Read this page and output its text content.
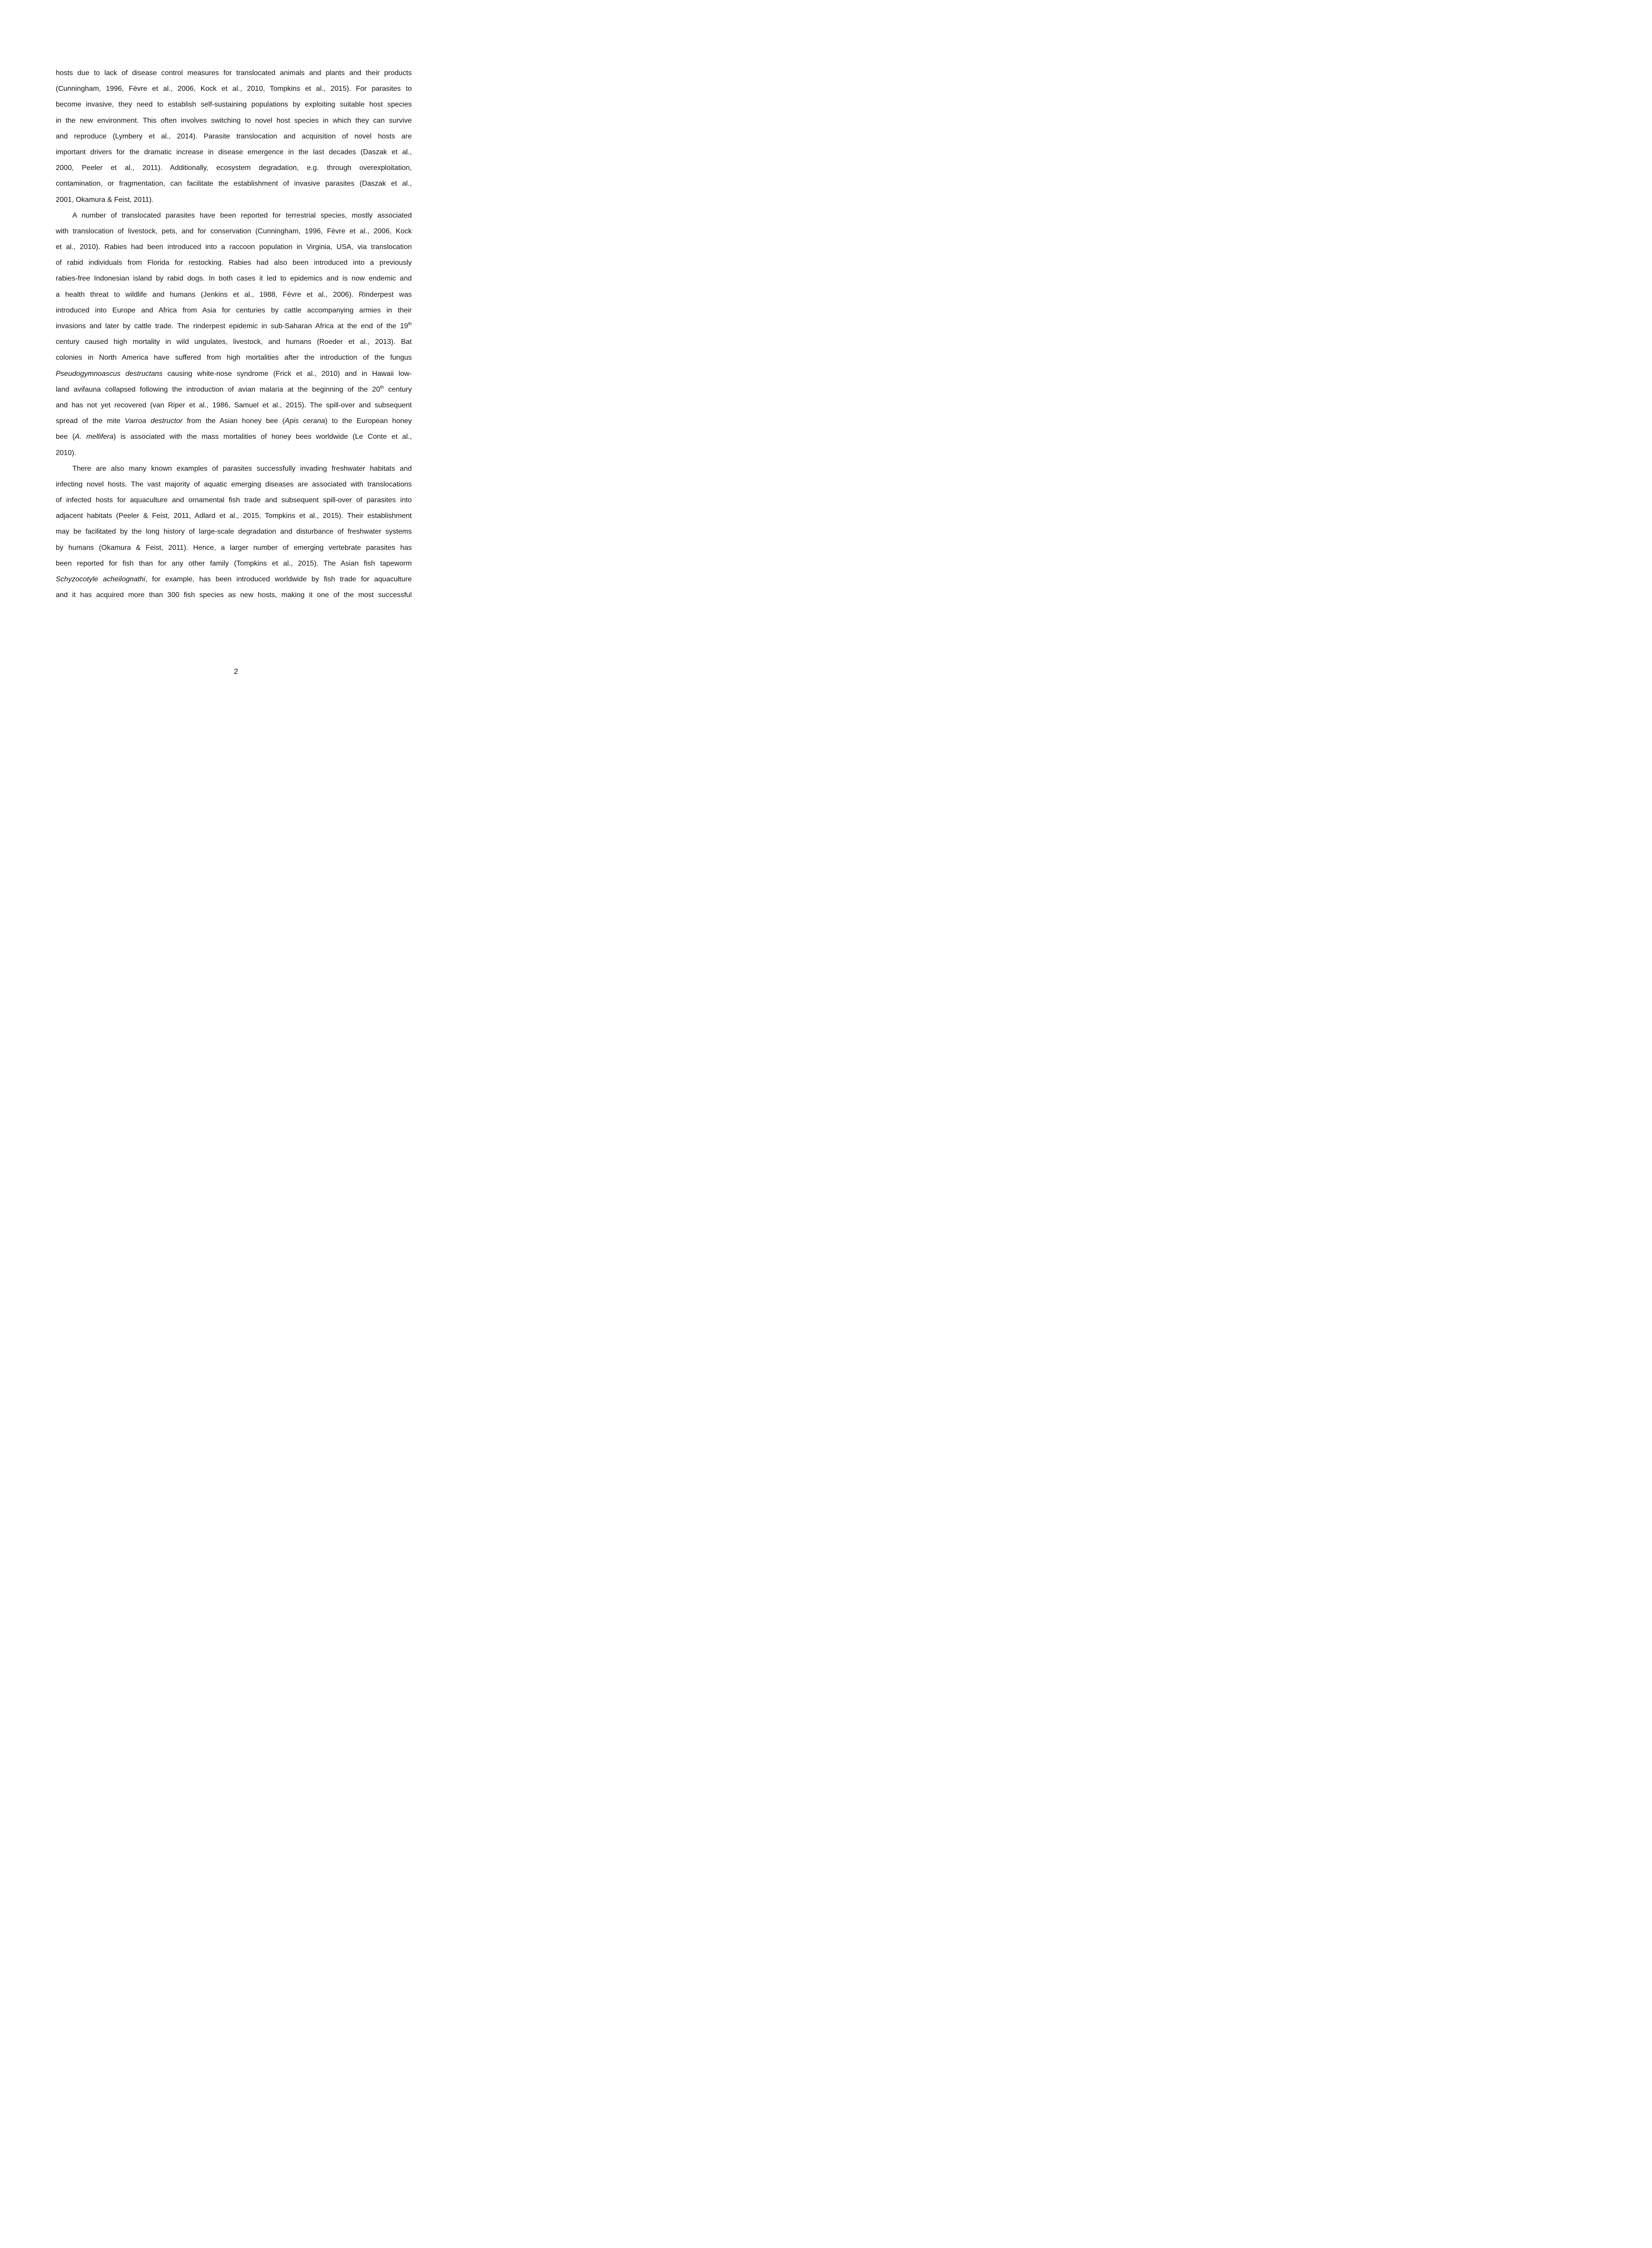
hosts due to lack of disease control measures for translocated animals and plants and their products
(Cunningham, 1996, Fèvre et al., 2006, Kock et al., 2010, Tompkins et al., 2015). For parasites to
become invasive, they need to establish self-sustaining populations by exploiting suitable host species
in the new environment. This often involves switching to novel host species in which they can survive
and reproduce (Lymbery et al., 2014). Parasite translocation and acquisition of novel hosts are
important drivers for the dramatic increase in disease emergence in the last decades (Daszak et al.,
2000, Peeler et al., 2011). Additionally, ecosystem degradation, e.g. through overexploitation,
contamination, or fragmentation, can facilitate the establishment of invasive parasites (Daszak et al.,
2001, Okamura & Feist, 2011).
A number of translocated parasites have been reported for terrestrial species, mostly associated
with translocation of livestock, pets, and for conservation (Cunningham, 1996, Fèvre et al., 2006, Kock
et al., 2010). Rabies had been introduced into a raccoon population in Virginia, USA, via translocation
of rabid individuals from Florida for restocking. Rabies had also been introduced into a previously
rabies-free Indonesian island by rabid dogs. In both cases it led to epidemics and is now endemic and
a health threat to wildlife and humans (Jenkins et al., 1988, Fèvre et al., 2006). Rinderpest was
introduced into Europe and Africa from Asia for centuries by cattle accompanying armies in their
invasions and later by cattle trade. The rinderpest epidemic in sub-Saharan Africa at the end of the 19th
century caused high mortality in wild ungulates, livestock, and humans (Roeder et al., 2013). Bat
colonies in North America have suffered from high mortalities after the introduction of the fungus
Pseudogymnoascus destructans causing white-nose syndrome (Frick et al., 2010) and in Hawaii low-
land avifauna collapsed following the introduction of avian malaria at the beginning of the 20th century
and has not yet recovered (van Riper et al., 1986, Samuel et al., 2015). The spill-over and subsequent
spread of the mite Varroa destructor from the Asian honey bee (Apis cerana) to the European honey
bee (A. mellifera) is associated with the mass mortalities of honey bees worldwide (Le Conte et al.,
2010).
There are also many known examples of parasites successfully invading freshwater habitats and
infecting novel hosts. The vast majority of aquatic emerging diseases are associated with translocations
of infected hosts for aquaculture and ornamental fish trade and subsequent spill-over of parasites into
adjacent habitats (Peeler & Feist, 2011, Adlard et al., 2015, Tompkins et al., 2015). Their establishment
may be facilitated by the long history of large-scale degradation and disturbance of freshwater systems
by humans (Okamura & Feist, 2011). Hence, a larger number of emerging vertebrate parasites has
been reported for fish than for any other family (Tompkins et al., 2015). The Asian fish tapeworm
Schyzocotyle acheilognathi, for example, has been introduced worldwide by fish trade for aquaculture
and it has acquired more than 300 fish species as new hosts, making it one of the most successful
2
